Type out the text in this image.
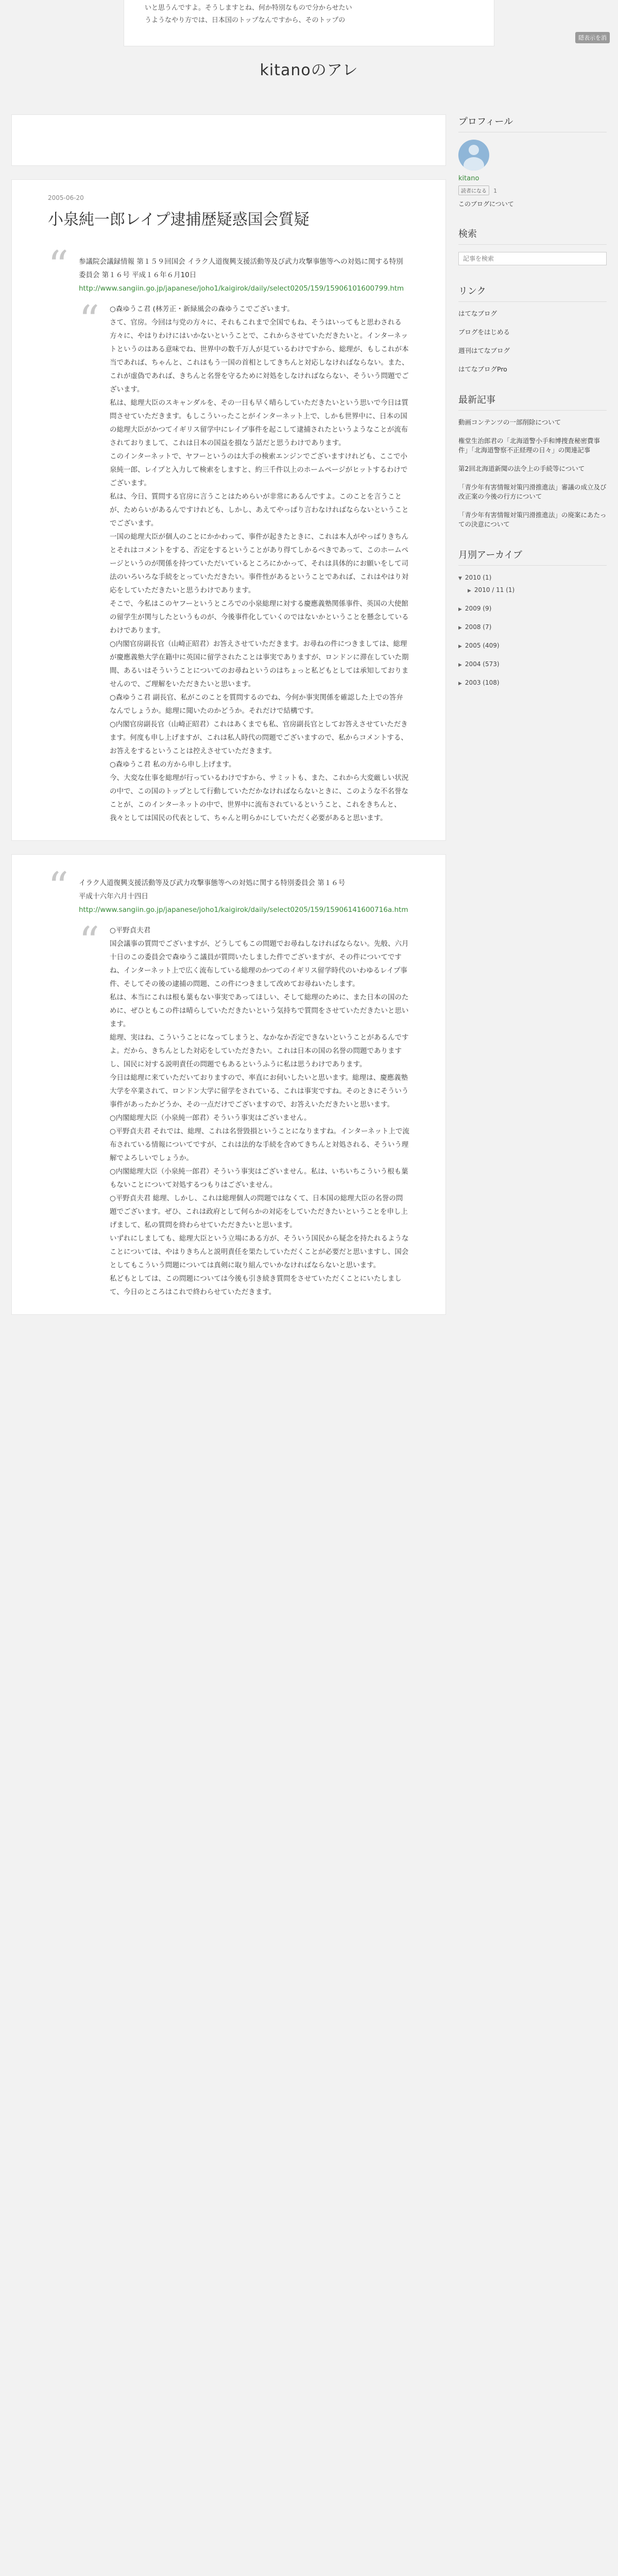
いと思うんですよ。そうしますとね、何か特別なもので分からせたい

うようなやり方では、日本国のトップなんですから、そのトップの

隠表示を消
kitanoのアレ
2005-06-20
小泉純一郎レイプ逮捕歴疑惑国会質疑
“ 参議院会議録情報 第１５９回国会 イラク人道復興支援活動等及び武力攻撃事態等への対処に関する特別委員会 第１６号 平成１６年６月10日
http://www.sangiin.go.jp/japanese/joho1/kaigirok/daily/select0205/159/15906101600799.htm
“ ○森ゆうこ君 (林芳正・新緑風会の森ゆうこでございます。

さて、官房。今回は与党の方々に、それもこれまで全国でもね、そうはいってもと思わされる方々に、やはりわけにはいかないということで、これからさせていただきたいと。インターネットというのはある意味でね、世界中の数千万人が見ているわけですから、総理が、もしこれが本当であれば、ちゃんと、これはもう一国の首相としてきちんと対応しなければならない。また、これが虚偽であれば、きちんと名誉を守るために対処をしなければならない、そういう問題でございます。

私は、総理大臣のスキャンダルを、その一日も早く晴らしていただきたいという思いで今日は質問させていただきます。もしこういったことがインターネット上で、しかも世界中に、日本の国の総理大臣がかつてイギリス留学中にレイプ事件を起こして逮捕されたというようなことが流布されておりまして、これは日本の国益を損なう話だと思うわけであります。

このインターネットで、ヤフーというのは大手の検索エンジンでございますけれども、ここで小泉純一郎、レイプと入力して検索をしますと、約三千件以上のホームページがヒットするわけでございます。

私は、今日、質問する官房に言うことはためらいが非常にあるんですよ。このことを言うことが、ためらいがあるんですけれども、しかし、あえてやっぱり言わなければならないということでございます。

一国の総理大臣が個人のことにかかわって、事件が起きたときに、これは本人がやっぱりきちんとそれはコメントをする、否定をするということがあり得てしかるべきであって、このホームページというのが関係を持つていただいているところにかかって、それは具体的にお願いをして司法のいろいろな手続をとっていただきたい。事件性があるということであれば、これはやはり対応をしていただきたいと思うわけであります。

そこで、今私はこのヤフーというところでの小泉総理に対する慶應義塾関係事件、英国の大使館の留学生が関与したというものが、今後事件化していくのではないかということを懸念しているわけであります。

○内閣官房副長官（山崎正昭君）お答えさせていただきます。お尋ねの件につきましては、総理が慶應義塾大学在籍中に英国に留学されたことは事実でありますが、ロンドンに滞在していた期間、あるいはそういうことについてのお尋ねというのはちょっと私どもとしては承知しておりませんので、ご理解をいただきたいと思います。

○森ゆうこ君 副長官、私がこのことを質問するのでね、今何か事実関係を確認した上での答弁なんでしょうか。総理に聞いたのかどうか。それだけで結構です。

○内閣官房副長官（山崎正昭君）これはあくまでも私、官房副長官としてお答えさせていただきます。何度も申し上げますが、これは私人時代の問題でございますので、私からコメントする、お答えをするということは控えさせていただきます。

○森ゆうこ君 私の方から申し上げます。

今、大変な仕事を総理が行っているわけですから、サミットも、また、これから大変厳しい状況の中で、この国のトップとして行動していただかなければならないときに、このような不名誉なことが、このインターネットの中で、世界中に流布されているということ、これをきちんと、我々としては国民の代表として、ちゃんと明らかにしていただく必要があると思います。

“ イラク人道復興支援活動等及び武力攻撃事態等への対処に関する特別委員会 第１６号
平成十六年六月十四日
http://www.sangiin.go.jp/japanese/joho1/kaigirok/daily/select0205/159/15906141600716a.htm
“ ○平野貞夫君

国会議事の質問でございますが、どうしてもこの問題でお尋ねしなければならない。先般、六月十日のこの委員会で森ゆうこ議員が質問いたしました件でございますが、その件についてですね、インターネット上で広く流布している総理のかつてのイギリス留学時代のいわゆるレイプ事件、そしてその後の逮捕の問題、この件につきまして改めてお尋ねいたします。

私は、本当にこれは根も葉もない事実であってほしい、そして総理のために、また日本の国のために、ぜひともこの件は晴らしていただきたいという気持ちで質問をさせていただきたいと思います。

総理、実はね、こういうことになってしまうと、なかなか否定できないということがあるんですよ。だから、きちんとした対応をしていただきたい。これは日本の国の名誉の問題でありますし、国民に対する説明責任の問題でもあるというふうに私は思うわけであります。

今日は総理に来ていただいておりますので、率直にお伺いしたいと思います。総理は、慶應義塾大学を卒業されて、ロンドン大学に留学をされている、これは事実ですね。そのときにそういう事件があったかどうか、その一点だけでございますので、お答えいただきたいと思います。

○内閣総理大臣（小泉純一郎君）そういう事実はございません。

○平野貞夫君 それでは、総理、これは名誉毀損ということになりますね。インターネット上で流布されている情報についてですが、これは法的な手続を含めてきちんと対処される、そういう理解でよろしいでしょうか。

○内閣総理大臣（小泉純一郎君）そういう事実はございません。私は、いちいちこういう根も葉もないことについて対処するつもりはございません。

○平野貞夫君 総理、しかし、これは総理個人の問題ではなくて、日本国の総理大臣の名誉の問題でございます。ぜひ、これは政府として何らかの対応をしていただきたいということを申し上げまして、私の質問を終わらせていただきたいと思います。

いずれにしましても、総理大臣という立場にある方が、そういう国民から疑念を持たれるようなことについては、やはりきちんと説明責任を果たしていただくことが必要だと思いますし、国会としてもこういう問題については真剣に取り組んでいかなければならないと思います。

私どもとしては、この問題については今後も引き続き質問をさせていただくことにいたしまして、今日のところはこれで終わらせていただきます。

プロフィール
kitano
読者になる 1
このブログについて
検索
記事を検索
リンク
はてなブログ
ブログをはじめる
週刊はてなブログ
はてなブログPro
最新記事
動画コンテンツの一部削除について
権堂生治郎君の「北海道警小手和博捜査秘密費事件」「北海道警察不正経理の日々」の関連記事
第2回北海道新聞の法令上の手続等について
「青少年有害情報対策円滑推進法」審議の成立及び改正案の今後の行方について
「青少年有害情報対策円滑推進法」の廃案にあたっての決意について
月別アーカイブ
▼ 2010 (1)
▶ 2010 / 11 (1)
▶ 2009 (9)
▶ 2008 (7)
▶ 2005 (409)
▶ 2004 (573)
▶ 2003 (108)
